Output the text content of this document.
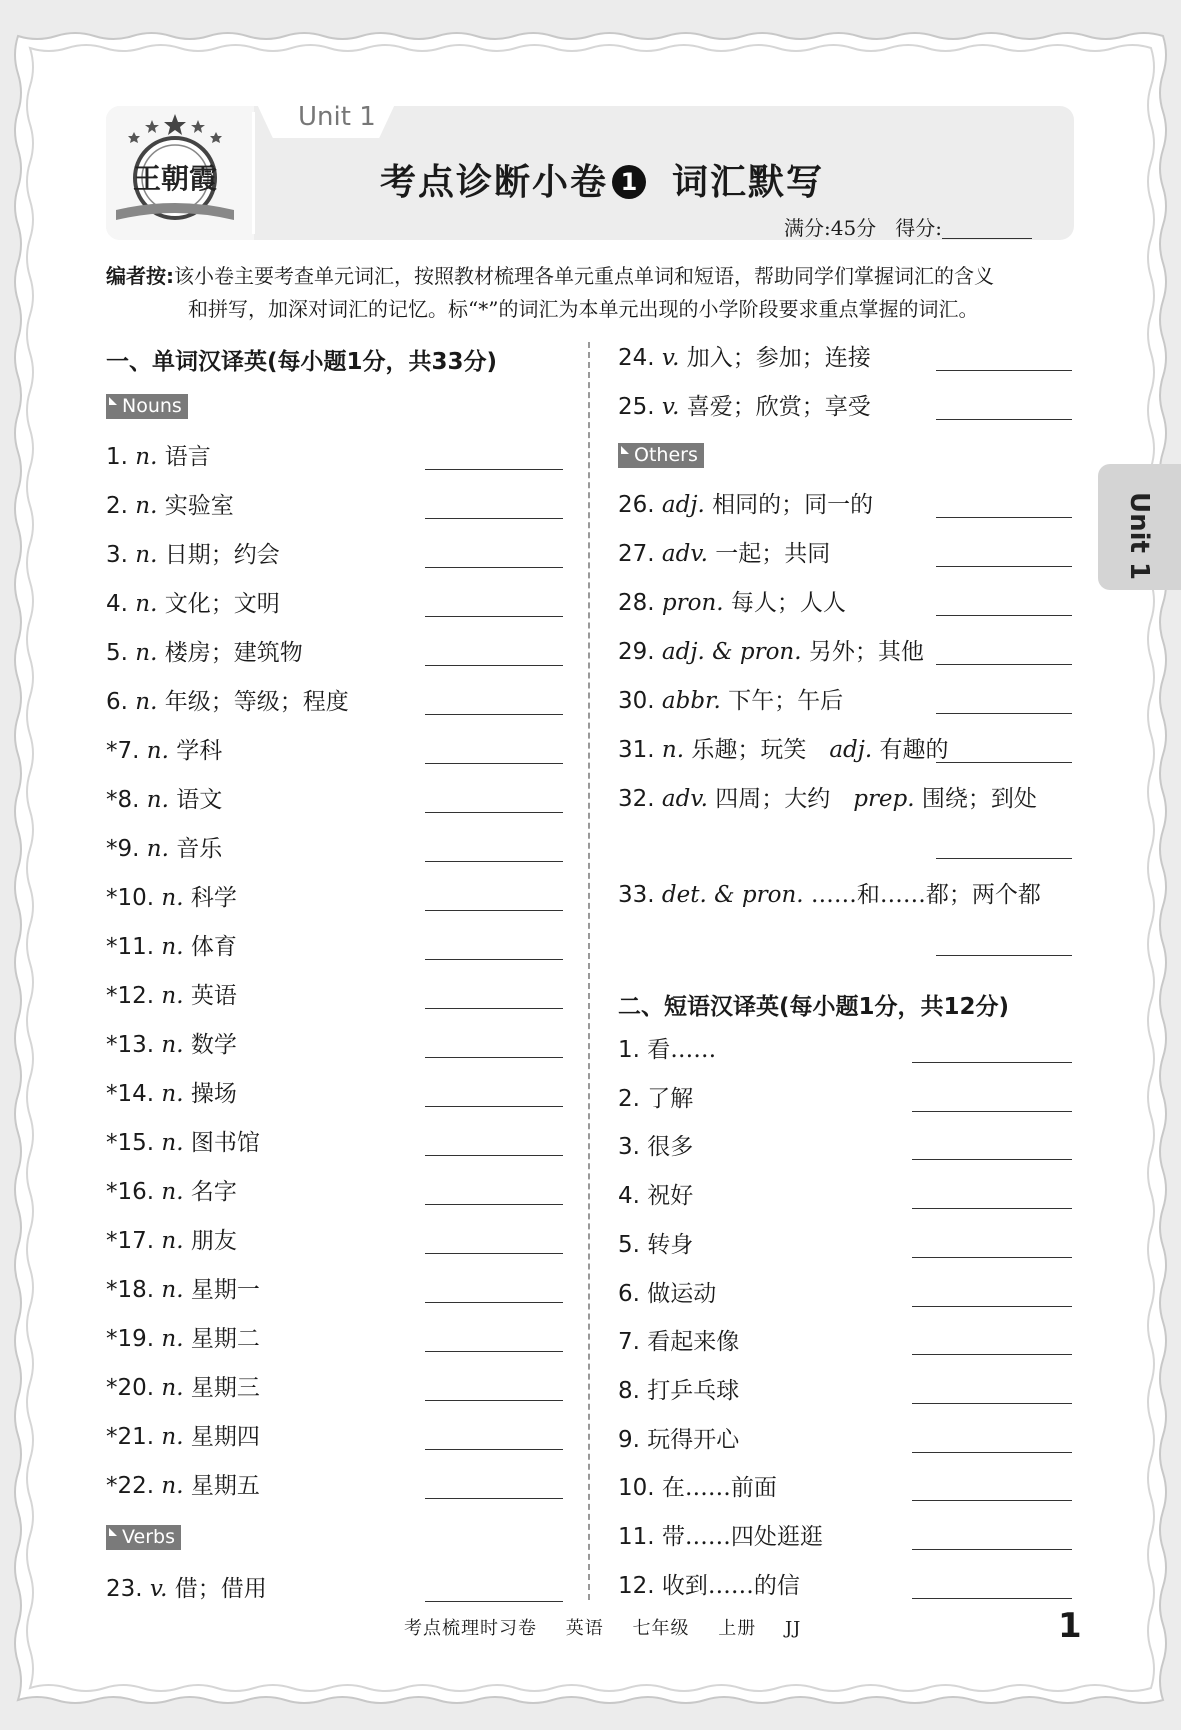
Unit 1
王朝霞	考点诊断小卷 1 词汇默写
满分:45分 得分:
编者按:该小卷主要考查单元词汇，按照教材梳理各单元重点单词和短语，帮助同学们掌握词汇的含义
和拼写，加深对词汇的记忆。标“*”的词汇为本单元出现的小学阶段要求重点掌握的词汇。
一、单词汉译英(每小题1分，共33分)
Nouns
Verbs
Others
二、短语汉译英(每小题1分，共12分)
1. n. 语言
2. n. 实验室
3. n. 日期；约会
4. n. 文化；文明
5. n. 楼房；建筑物
6. n. 年级；等级；程度
*7. n. 学科
*8. n. 语文
*9. n. 音乐
*10. n. 科学
*11. n. 体育
*12. n. 英语
*13. n. 数学
*14. n. 操场
*15. n. 图书馆
*16. n. 名字
*17. n. 朋友
*18. n. 星期一
*19. n. 星期二
*20. n. 星期三
*21. n. 星期四
*22. n. 星期五
23. v. 借；借用
24. v. 加入；参加；连接
25. v. 喜爱；欣赏；享受
26. adj. 相同的；同一的
27. adv. 一起；共同
28. pron. 每人；人人
29. adj. & pron. 另外；其他
30. abbr. 下午；午后
31. n. 乐趣；玩笑  adj. 有趣的
32. adv. 四周；大约  prep. 围绕；到处
33. det. & pron. ……和……都；两个都
1. 看……
2. 了解
3. 很多
4. 祝好
5. 转身
6. 做运动
7. 看起来像
8. 打乒乓球
9. 玩得开心
10. 在……前面
11. 带……四处逛逛
12. 收到……的信
Unit 1
考点梳理时习卷 英语 七年级 上册 JJ	1
